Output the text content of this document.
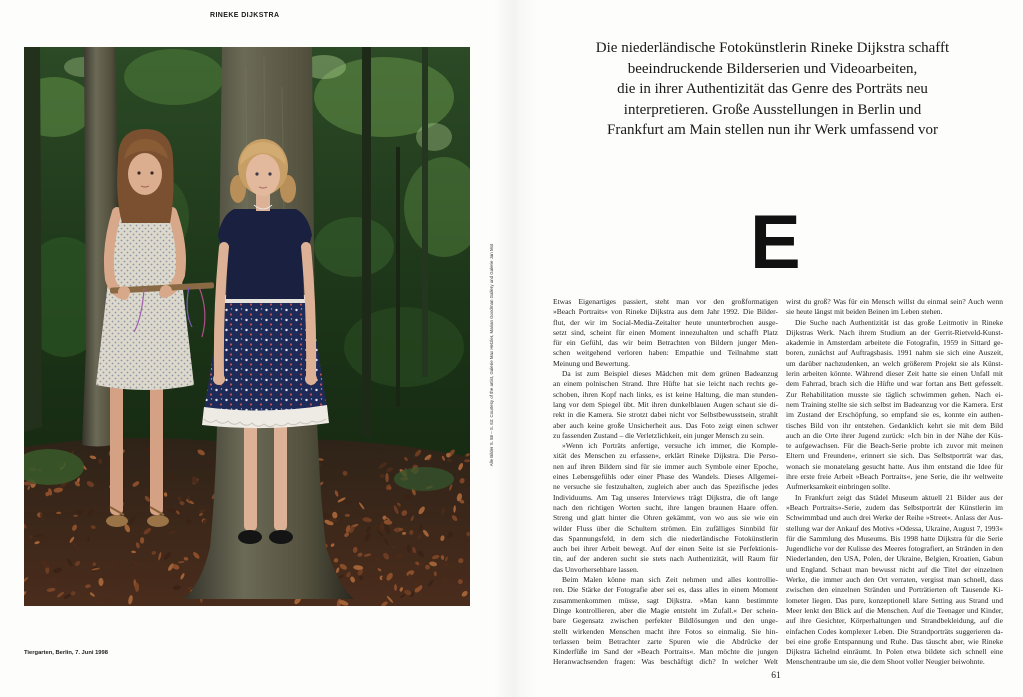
RINEKE DIJKSTRA
Tiergarten, Berlin, 7. Juni 1998
Alle Bilder S. 58 – S. 63: Courtesy of the artist, Galerie Max Hetzler, Marian Goodman Gallery und Galerie Jan Mot
Die niederländische Fotokünstlerin Rineke Dijkstra schafft
beeindruckende Bilderserien und Videoarbeiten,
die in ihrer Authentizität das Genre des Porträts neu
interpretieren. Große Ausstellungen in Berlin und
Frankfurt am Main stellen nun ihr Werk umfassend vor
E
Etwas Eigenartiges passiert, steht man vor den großformatigen
»Beach Portraits« von Rineke Dijkstra aus dem Jahr 1992. Die Bilder-
flut, der wir im Social-Media-Zeitalter heute ununterbrochen ausge-
setzt sind, scheint für einen Moment innezuhalten und schafft Platz
für ein Gefühl, das wir beim Betrachten von Bildern junger Men-
schen weitgehend verloren haben: Empathie und Teilnahme statt
Meinung und Bewertung.
Da ist zum Beispiel dieses Mädchen mit dem grünen Badeanzug
an einem polnischen Strand. Ihre Hüfte hat sie leicht nach rechts ge-
schoben, ihren Kopf nach links, es ist keine Haltung, die man stunden-
lang vor dem Spiegel übt. Mit ihren dunkelblauen Augen schaut sie di-
rekt in die Kamera. Sie strotzt dabei nicht vor Selbstbewusstsein, strahlt
aber auch keine große Unsicherheit aus. Das Foto zeigt einen schwer
zu fassenden Zustand – die Verletzlichkeit, ein junger Mensch zu sein.
»Wenn ich Porträts anfertige, versuche ich immer, die Komple-
xität des Menschen zu erfassen«, erklärt Rineke Dijkstra. Die Perso-
nen auf ihren Bildern sind für sie immer auch Symbole einer Epoche,
eines Lebensgefühls oder einer Phase des Wandels. Dieses Allgemei-
ne versuche sie festzuhalten, zugleich aber auch das Spezifische jedes
Individuums. Am Tag unseres Interviews trägt Dijkstra, die oft lange
nach den richtigen Worten sucht, ihre langen braunen Haare offen.
Streng und glatt hinter die Ohren gekämmt, von wo aus sie wie ein
wilder Fluss über die Schultern strömen. Ein zufälliges Sinnbild für
das Spannungsfeld, in dem sich die niederländische Fotokünstlerin
auch bei ihrer Arbeit bewegt. Auf der einen Seite ist sie Perfektionis-
tin, auf der anderen sucht sie stets nach Authentizität, will Raum für
das Unvorhersehbare lassen.
Beim Malen könne man sich Zeit nehmen und alles kontrollie-
ren. Die Stärke der Fotografie aber sei es, dass alles in einem Moment
zusammenkommen müsse, sagt Dijkstra. »Man kann bestimmte
Dinge kontrollieren, aber die Magie entsteht im Zufall.« Der schein-
bare Gegensatz zwischen perfekter Bildlösungen und den unge-
stellt wirkenden Menschen macht ihre Fotos so einmalig. Sie hin-
terlassen beim Betrachter zarte Spuren wie die Abdrücke der
Kinderfüße im Sand der »Beach Portraits«. Man möchte die jungen
Heranwachsenden fragen: Was beschäftigt dich? In welcher Welt
wirst du groß? Was für ein Mensch willst du einmal sein? Auch wenn
sie heute längst mit beiden Beinen im Leben stehen.
Die Suche nach Authentizität ist das große Leitmotiv in Rineke
Dijkstras Werk. Nach ihrem Studium an der Gerrit-Rietveld-Kunst-
akademie in Amsterdam arbeitete die Fotografin, 1959 in Sittard ge-
boren, zunächst auf Auftragsbasis. 1991 nahm sie sich eine Auszeit,
um darüber nachzudenken, an welch größerem Projekt sie als Künst-
lerin arbeiten könnte. Während dieser Zeit hatte sie einen Unfall mit
dem Fahrrad, brach sich die Hüfte und war fortan ans Bett gefesselt.
Zur Rehabilitation musste sie täglich schwimmen gehen. Nach ei-
nem Training stellte sie sich selbst im Badeanzug vor die Kamera. Erst
im Zustand der Erschöpfung, so empfand sie es, konnte ein authen-
tisches Bild von ihr entstehen. Gedanklich kehrt sie mit dem Bild
auch an die Orte ihrer Jugend zurück: »Ich bin in der Nähe der Küs-
te aufgewachsen. Für die Beach-Serie probte ich zuvor mit meinen
Eltern und Freunden«, erinnert sie sich. Das Selbstporträt war das,
wonach sie monatelang gesucht hatte. Aus ihm entstand die Idee für
ihre erste freie Arbeit »Beach Portraits«, jene Serie, die ihr weltweite
Aufmerksamkeit einbringen sollte.
In Frankfurt zeigt das Städel Museum aktuell 21 Bilder aus der
»Beach Portraits«-Serie, zudem das Selbstporträt der Künstlerin im
Schwimmbad und auch drei Werke der Reihe »Street«. Anlass der Aus-
stellung war der Ankauf des Motivs »Odessa, Ukraine, August 7, 1993«
für die Sammlung des Museums. Bis 1998 hatte Dijkstra für die Serie
Jugendliche vor der Kulisse des Meeres fotografiert, an Stränden in den
Niederlanden, den USA, Polen, der Ukraine, Belgien, Kroatien, Gabun
und England. Schaut man bewusst nicht auf die Titel der einzelnen
Werke, die immer auch den Ort verraten, vergisst man schnell, dass
zwischen den einzelnen Stränden und Porträtierten oft Tausende Ki-
lometer liegen. Das pure, konzeptionell klare Setting aus Strand und
Meer lenkt den Blick auf die Menschen. Auf die Teenager und Kinder,
auf ihre Gesichter, Körperhaltungen und Strandbekleidung, auf die
einfachen Codes komplexer Leben. Die Strandporträts suggerieren da-
bei eine große Entspannung und Ruhe. Das täuscht aber, wie Rineke
Dijkstra lächelnd einräumt. In Polen etwa bildete sich schnell eine
Menschentraube um sie, die dem Shoot voller Neugier beiwohnte.
61
